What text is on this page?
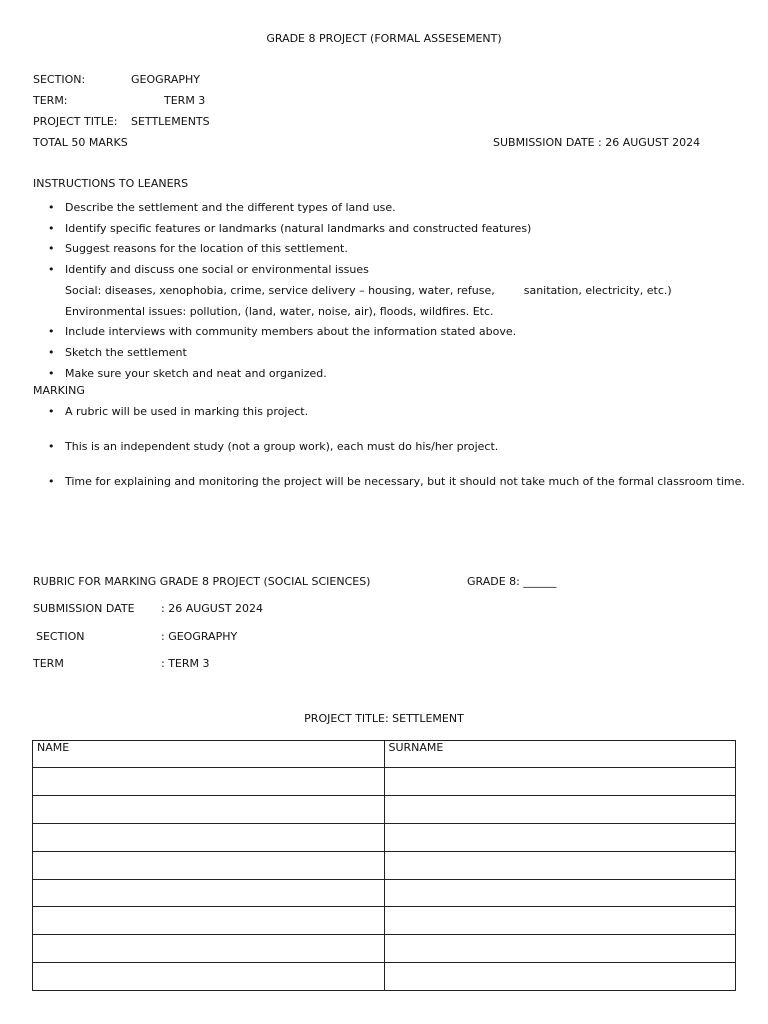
GRADE 8 PROJECT (FORMAL ASSESEMENT)
SECTION:	GEOGRAPHY
TERM:	TERM 3
PROJECT TITLE: SETTLEMENTS
TOTAL 50 MARKS	SUBMISSION DATE : 26 AUGUST 2024
INSTRUCTIONS TO LEANERS
• Describe the settlement and the different types of land use.
• Identify specific features or landmarks (natural landmarks and constructed features)
• Suggest reasons for the location of this settlement.
• Identify and discuss one social or environmental issues
Social: diseases, xenophobia, crime, service delivery – housing, water, refuse,	sanitation, electricity, etc.)
Environmental issues: pollution, (land, water, noise, air), floods, wildfires. Etc.
• Include interviews with community members about the information stated above.
• Sketch the settlement
• Make sure your sketch and neat and organized.
MARKING
• A rubric will be used in marking this project.
• This is an independent study (not a group work), each must do his/her project.
• Time for explaining and monitoring the project will be necessary, but it should not take much of the formal classroom time.
RUBRIC FOR MARKING GRADE 8 PROJECT (SOCIAL SCIENCES)	GRADE 8: ______
SUBMISSION DATE : 26 AUGUST 2024
SECTION	: GEOGRAPHY
TERM	: TERM 3
PROJECT TITLE: SETTLEMENT
NAME	SURNAME
